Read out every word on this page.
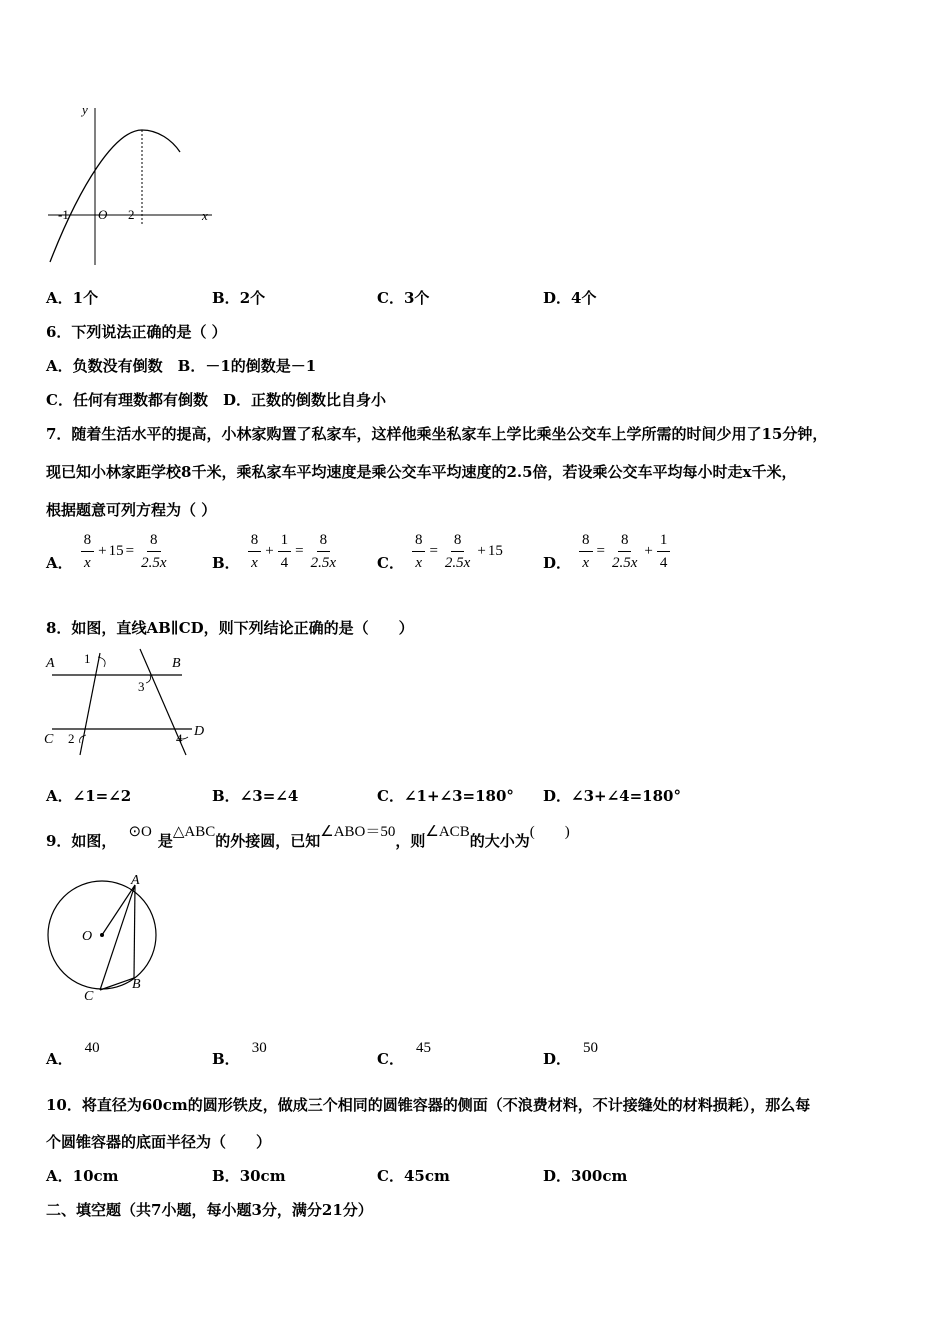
y
x
-1 O 2
A．1个	B．2个	C．3个	D．4个
6．下列说法正确的是（ ）
A．负数没有倒数　B．－1的倒数是－1
C．任何有理数都有倒数　D．正数的倒数比自身小
7．随着生活水平的提高，小林家购置了私家车，这样他乘坐私家车上学比乘坐公交车上学所需的时间少用了15分钟，
现已知小林家距学校8千米，乘私家车平均速度是乘公交车平均速度的2.5倍，若设乘公交车平均每小时走x千米，
根据题意可列方程为（ ）
A． $\frac{8}{x} + 15 = \frac{8}{2.5x}$	B． $\frac{8}{x} + \frac{1}{4} = \frac{8}{2.5x}$	C． $\frac{8}{x} = \frac{8}{2.5x} + 15$
D． $\frac{8}{x} = \frac{8}{2.5x} + \frac{1}{4}$
8．如图，直线AB∥CD，则下列结论正确的是（　　）
A	B
C
D
1
2
3
4
A．∠1=∠2	B．∠3=∠4	C．∠1+∠3=180° D．∠3+∠4=180°
9．如图， ⊙O 是△ABC的外接圆，已知∠ABO＝50，则∠ACB的大小为(　　)
A
O
C
B
A．40
B．30
C．45
D．50
10．将直径为60cm的圆形铁皮，做成三个相同的圆锥容器的侧面（不浪费材料，不计接缝处的材料损耗），那么每
个圆锥容器的底面半径为（　　）
A．10cm	B．30cm	C．45cm	D．300cm
二、填空题（共7小题，每小题3分，满分21分）
